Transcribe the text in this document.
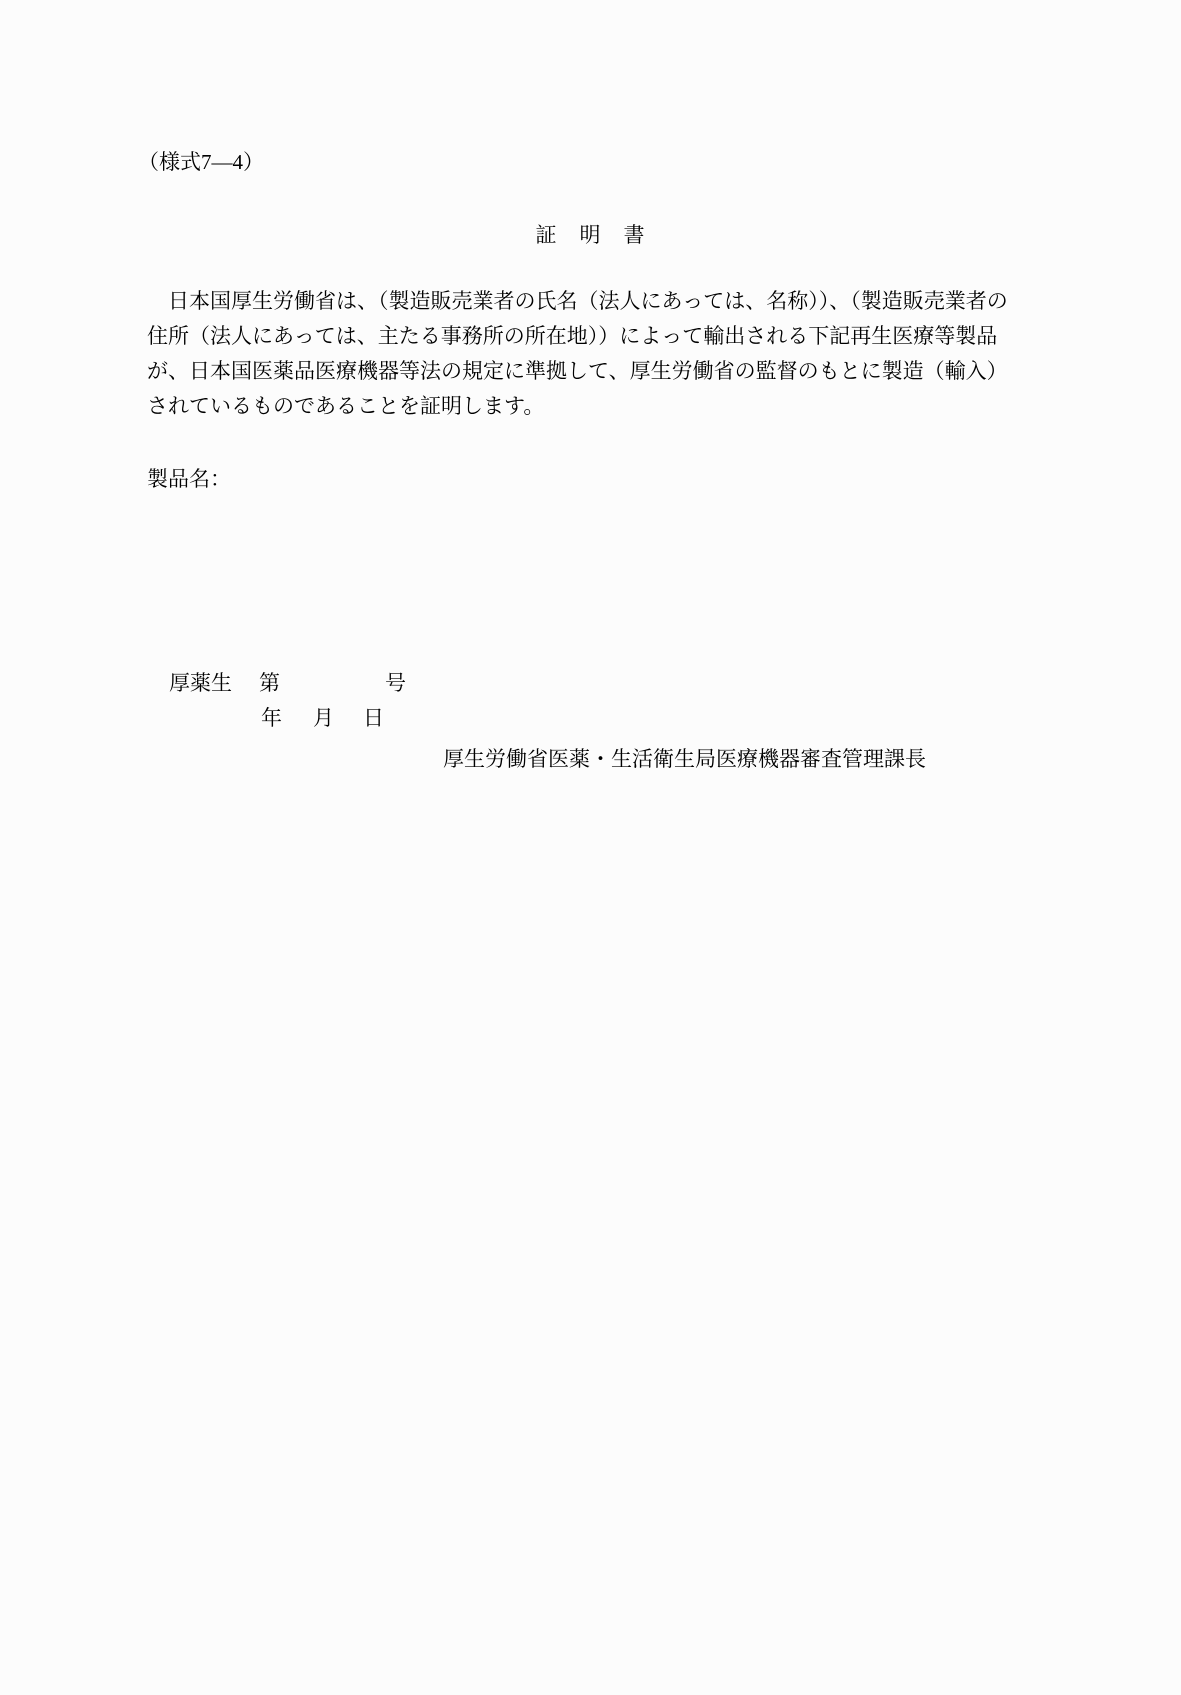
（様式7―4）
証　明　書
　日本国厚生労働省は、（製造販売業者の氏名（法人にあっては、名称））、（製造販売業者の
住所（法人にあっては、主たる事務所の所在地））によって輸出される下記再生医療等製品
が、日本国医薬品医療機器等法の規定に準拠して、厚生労働省の監督のもとに製造（輸入）
されているものであることを証明します。
製品名：

厚薬生 第	号

年 月 日

厚生労働省医薬・生活衛生局医療機器審査管理課長
